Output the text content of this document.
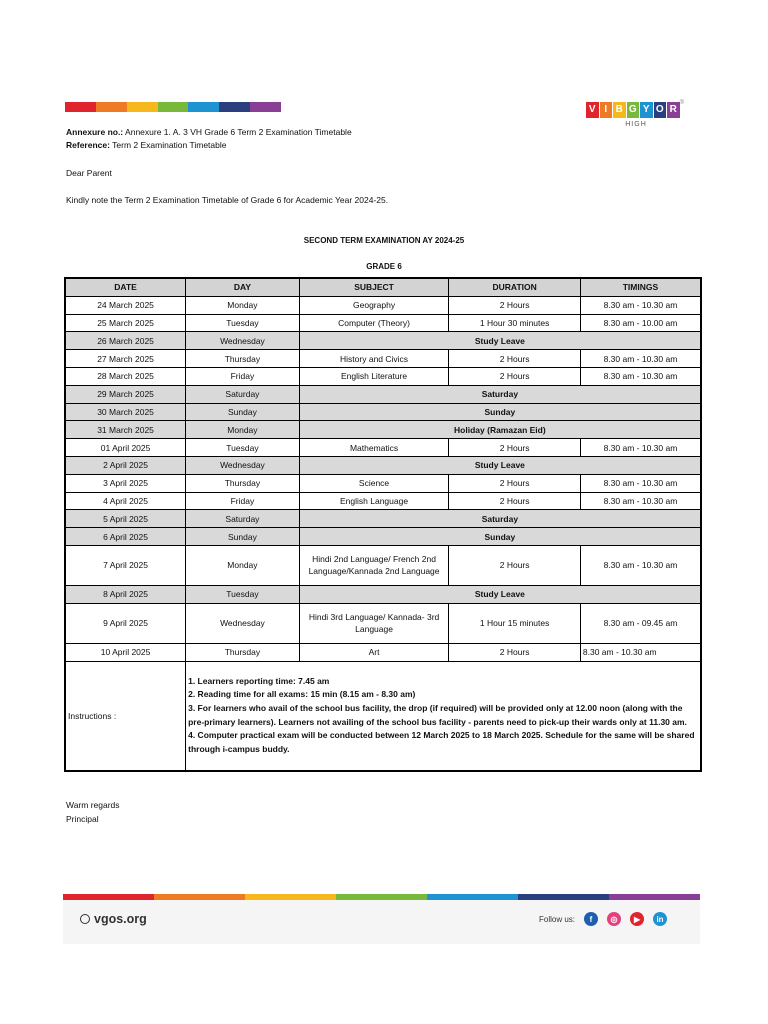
V I B G Y O R
HIGH
®
Annexure no.: Annexure 1. A. 3 VH Grade 6 Term 2 Examination Timetable
Reference: Term 2 Examination Timetable
Dear Parent
Kindly note the Term 2 Examination Timetable of Grade 6 for Academic Year 2024-25.
SECOND TERM EXAMINATION AY 2024-25
GRADE 6
DATE	DAY	SUBJECT	DURATION	TIMINGS
24 March 2025	Monday	Geography	2 Hours	8.30 am - 10.30 am
25 March 2025	Tuesday	Computer (Theory)	1 Hour 30 minutes	8.30 am - 10.00 am
26 March 2025	Wednesday	Study Leave		
27 March 2025	Thursday	History and Civics	2 Hours	8.30 am - 10.30 am
28 March 2025	Friday	English Literature	2 Hours	8.30 am - 10.30 am
29 March 2025	Saturday	Saturday		
30 March 2025	Sunday	Sunday		
31 March 2025	Monday	Holiday (Ramazan Eid)		
01 April 2025	Tuesday	Mathematics	2 Hours	8.30 am - 10.30 am
2 April 2025	Wednesday	Study Leave		
3 April 2025	Thursday	Science	2 Hours	8.30 am - 10.30 am
4 April 2025	Friday	English Language	2 Hours	8.30 am - 10.30 am
5 April 2025	Saturday	Saturday		
6 April 2025	Sunday	Sunday		
7 April 2025	Monday	Hindi 2nd Language/ French 2nd Language/Kannada 2nd Language	2 Hours	8.30 am - 10.30 am
8 April 2025	Tuesday	Study Leave		
9 April 2025	Wednesday	Hindi 3rd Language/ Kannada- 3rd Language	1 Hour 15 minutes	8.30 am - 09.45 am
10 April 2025	Thursday	Art	2 Hours	8.30 am - 10.30 am
Instructions :	1. Learners reporting time: 7.45 am
2. Reading time for all exams: 15 min (8.15 am - 8.30 am)
3. For learners who avail of the school bus facility, the drop (if required) will be provided only at 12.00 noon (along with the pre-primary learners). Learners not availing of the school bus facility - parents need to pick-up their wards only at 11.30 am.
4. Computer practical exam will be conducted between 12 March 2025 to 18 March 2025. Schedule for the same will be shared through i-campus buddy.			
Warm regards
Principal
vgos.org	Follow us:	f ◎ ▶ in
